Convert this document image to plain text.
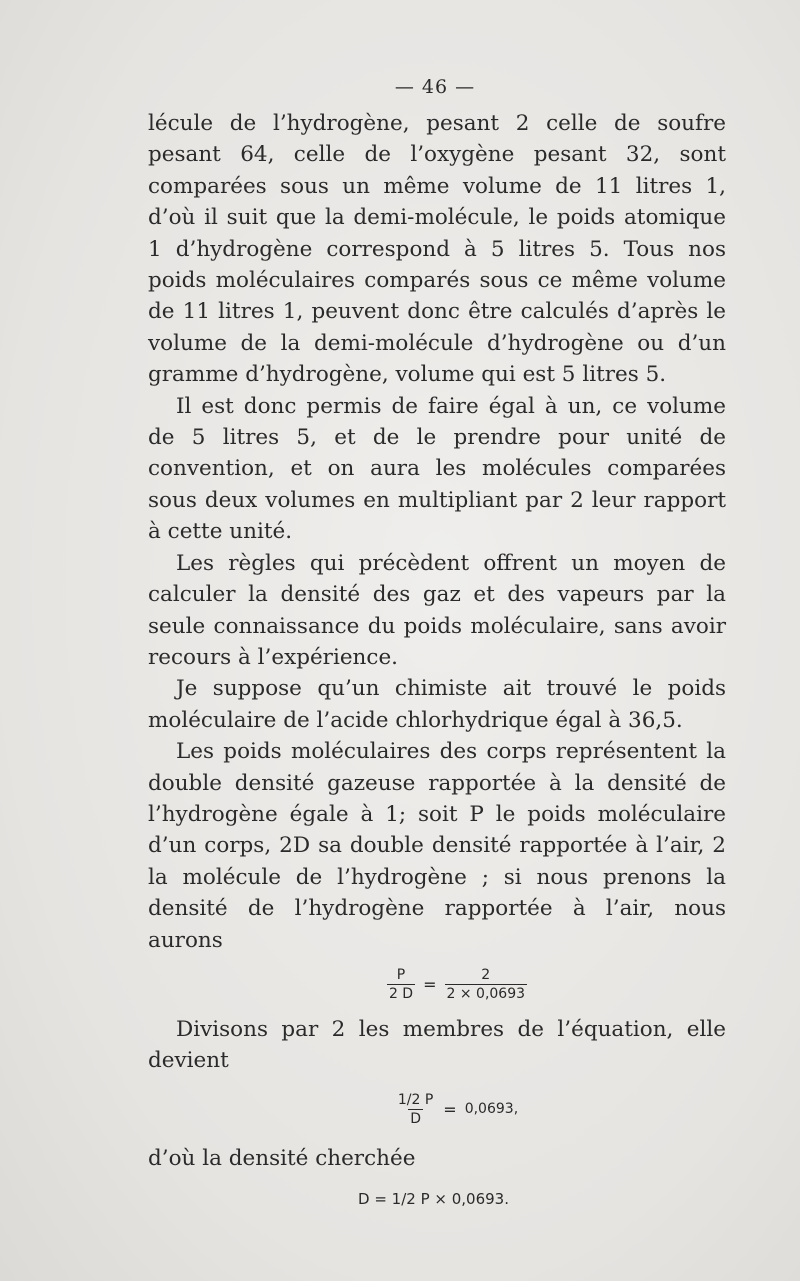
— 46 —

lécule de l’hydrogène, pesant 2 celle de soufre pesant 64, celle de l’oxygène pesant 32, sont comparées sous un même volume de 11 litres 1, d’où il suit que la demi-molécule, le poids atomique 1 d’hydrogène correspond à 5 litres 5. Tous nos poids moléculaires comparés sous ce même volume de 11 litres 1, peuvent donc être calculés d’après le volume de la demi-molécule d’hydrogène ou d’un gramme d’hydrogène, volume qui est 5 litres 5.

Il est donc permis de faire égal à un, ce volume de 5 litres 5, et de le prendre pour unité de convention, et on aura les molécules comparées sous deux volumes en multipliant par 2 leur rapport à cette unité.

Les règles qui précèdent offrent un moyen de calculer la densité des gaz et des vapeurs par la seule connaissance du poids moléculaire, sans avoir recours à l’expérience.

Je suppose qu’un chimiste ait trouvé le poids moléculaire de l’acide chlorhydrique égal à 36,5.

Les poids moléculaires des corps représentent la double densité gazeuse rapportée à la densité de l’hydrogène égale à 1; soit P le poids moléculaire d’un corps, 2D sa double densité rapportée à l’air, 2 la molécule de l’hydrogène ; si nous prenons la densité de l’hydrogène rapportée à l’air, nous aurons

$\frac{P}{2 D} = \frac{2}{2 \times 0,0693}$

Divisons par 2 les membres de l’équation, elle devient

$\frac{1/2 P}{D} = 0,0693$,

d’où la densité cherchée

D = 1/2 P × 0,0693.
